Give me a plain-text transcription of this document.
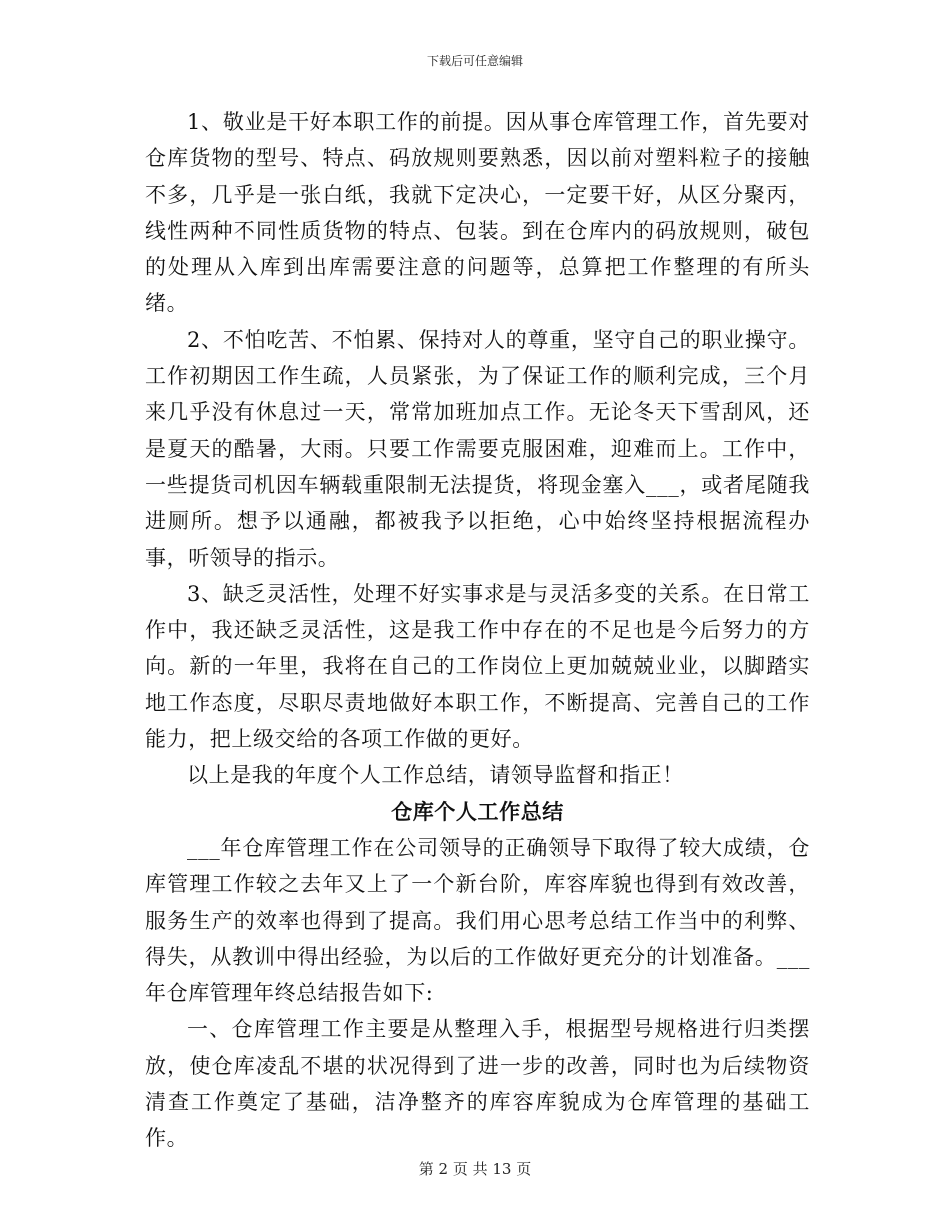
下载后可任意编辑

1、敬业是干好本职工作的前提。因从事仓库管理工作，首先要对仓库货物的型号、特点、码放规则要熟悉，因以前对塑料粒子的接触不多，几乎是一张白纸，我就下定决心，一定要干好，从区分聚丙，线性两种不同性质货物的特点、包装。到在仓库内的码放规则，破包的处理从入库到出库需要注意的问题等，总算把工作整理的有所头绪。

2、不怕吃苦、不怕累、保持对人的尊重，坚守自己的职业操守。工作初期因工作生疏，人员紧张，为了保证工作的顺利完成，三个月来几乎没有休息过一天，常常加班加点工作。无论冬天下雪刮风，还是夏天的酷暑，大雨。只要工作需要克服困难，迎难而上。工作中，一些提货司机因车辆载重限制无法提货，将现金塞入___，或者尾随我进厕所。想予以通融，都被我予以拒绝，心中始终坚持根据流程办事，听领导的指示。

3、缺乏灵活性，处理不好实事求是与灵活多变的关系。在日常工作中，我还缺乏灵活性，这是我工作中存在的不足也是今后努力的方向。新的一年里，我将在自己的工作岗位上更加兢兢业业，以脚踏实地工作态度，尽职尽责地做好本职工作，不断提高、完善自己的工作能力，把上级交给的各项工作做的更好。

以上是我的年度个人工作总结，请领导监督和指正！

仓库个人工作总结

___年仓库管理工作在公司领导的正确领导下取得了较大成绩，仓库管理工作较之去年又上了一个新台阶，库容库貌也得到有效改善，服务生产的效率也得到了提高。我们用心思考总结工作当中的利弊、得失，从教训中得出经验，为以后的工作做好更充分的计划准备。___年仓库管理年终总结报告如下:

一、仓库管理工作主要是从整理入手，根据型号规格进行归类摆放，使仓库凌乱不堪的状况得到了进一步的改善，同时也为后续物资清查工作奠定了基础，洁净整齐的库容库貌成为仓库管理的基础工作。

第 2 页 共 13 页
